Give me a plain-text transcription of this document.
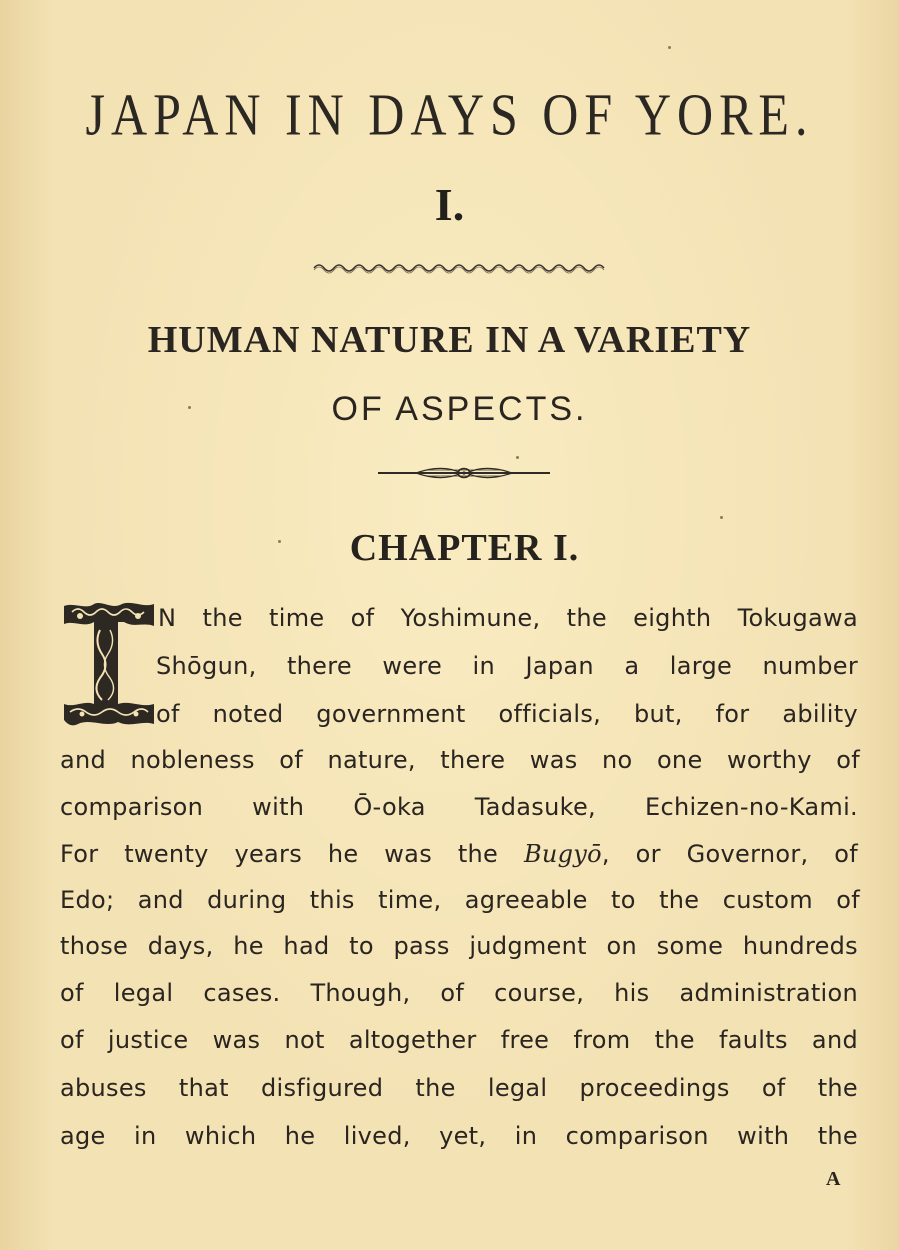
JAPAN IN DAYS OF YORE.
I.
HUMAN NATURE IN A VARIETY
OF ASPECTS.
CHAPTER I.
N the time of Yoshimune, the eighth Tokugawa
Shōgun, there were in Japan a large number
of noted government officials, but, for ability
and nobleness of nature, there was no one worthy of
comparison with Ō-oka Tadasuke, Echizen-no-Kami.
For twenty years he was the Bugyō, or Governor, of
Edo; and during this time, agreeable to the custom of
those days, he had to pass judgment on some hundreds
of legal cases. Though, of course, his administration
of justice was not altogether free from the faults and
abuses that disfigured the legal proceedings of the
age in which he lived, yet, in comparison with the
A
